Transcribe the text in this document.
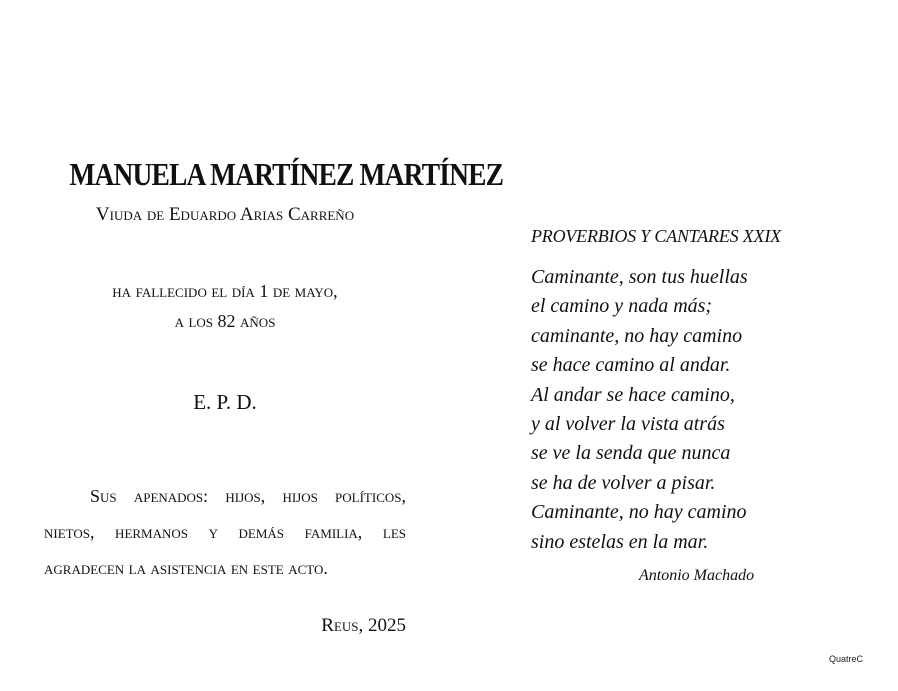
MANUELA MARTÍNEZ MARTÍNEZ
Viuda de Eduardo Arias Carreño
ha fallecido el día 1 de mayo,
a los 82 años
E. P. D.
Sus apenados: hijos, hijos políticos, nietos, hermanos y demás familia, les agradecen la asistencia en este acto.
Reus, 2025
PROVERBIOS Y CANTARES XXIX
Caminante, son tus huellas
el camino y nada más;
caminante, no hay camino
se hace camino al andar.
Al andar se hace camino,
y al volver la vista atrás
se ve la senda que nunca
se ha de volver a pisar.
Caminante, no hay camino
sino estelas en la mar.
Antonio Machado
QuatreC
